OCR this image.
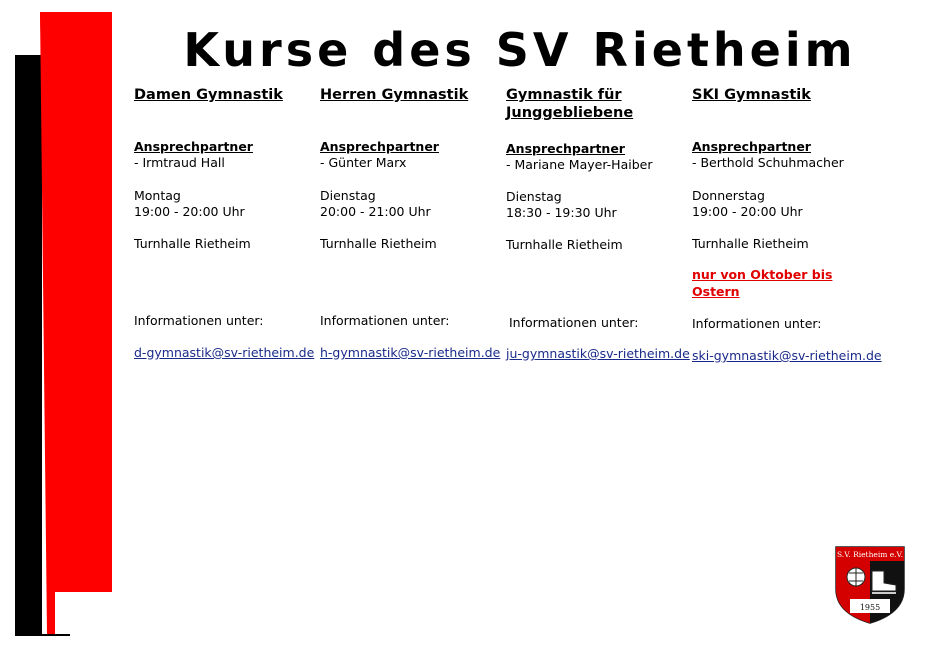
Kurse des SV Rietheim

Damen Gymnastik

Ansprechpartner
- Irmtraud Hall
Montag
19:00 - 20:00 Uhr
Turnhalle Rietheim
Informationen unter:
d-gymnastik@sv-rietheim.de

Herren Gymnastik

Ansprechpartner
- Günter Marx
Dienstag
20:00 - 21:00 Uhr
Turnhalle Rietheim
Informationen unter:
h-gymnastik@sv-rietheim.de

Gymnastik für Junggebliebene

Ansprechpartner
- Mariane Mayer-Haiber
Dienstag
18:30 - 19:30 Uhr
Turnhalle Rietheim
Informationen unter:
ju-gymnastik@sv-rietheim.de

SKI Gymnastik

Ansprechpartner
- Berthold Schuhmacher
Donnerstag
19:00 - 20:00 Uhr
Turnhalle Rietheim
nur von Oktober bis Ostern
Informationen unter:
ski-gymnastik@sv-rietheim.de
S.V. Rietheim e.V.
1955
